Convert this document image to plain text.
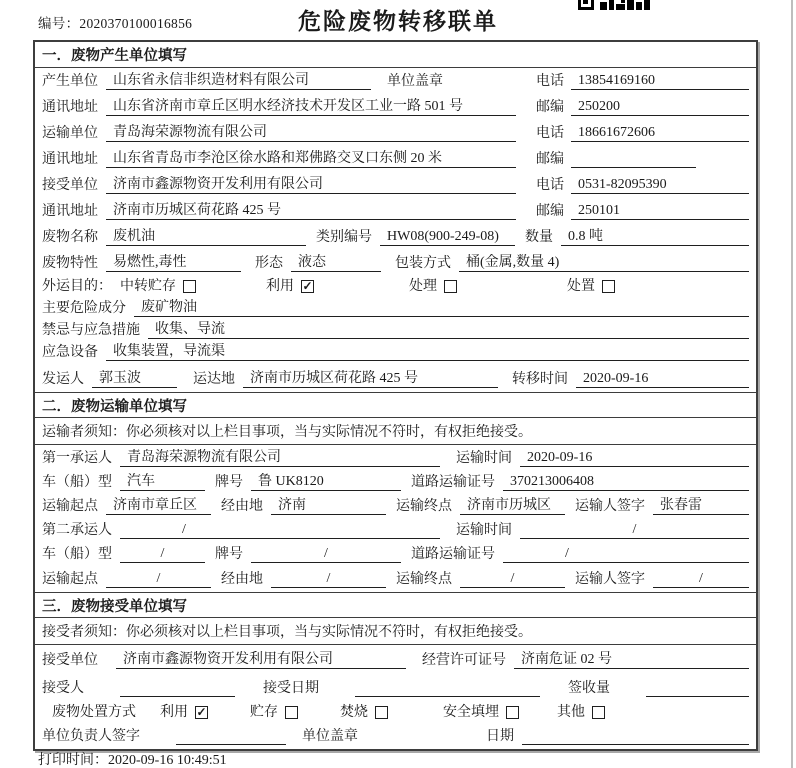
编号：2020370100016856	危险废物转移联单
一．废物产生单位填写
产生单位	山东省永信非织造材料有限公司	单位盖章	电话	13854169160
通讯地址	山东省济南市章丘区明水经济技术开发区工业一路 501 号	邮编	250200
运输单位	青岛海荣源物流有限公司	电话	18661672606
通讯地址	山东省青岛市李沧区徐水路和郑佛路交叉口东侧 20 米	邮编
接受单位	济南市鑫源物资开发利用有限公司	电话	0531-82095390
通讯地址	济南市历城区荷花路 425 号	邮编	250101
废物名称	废机油	类别编号	HW08(900-249-08)	数量	0.8 吨
废物特性	易燃性,毒性	形态	液态	包装方式	桶(金属,数量 4)
外运目的： 中转贮存	利用 ✓	处理	处置
主要危险成分	废矿物油
禁忌与应急措施	收集、导流
应急设备	收集装置，导流渠
发运人	郭玉波	运达地	济南市历城区荷花路 425 号	转移时间	2020-09-16
二．废物运输单位填写
运输者须知：你必须核对以上栏目事项，当与实际情况不符时，有权拒绝接受。
第一承运人	青岛海荣源物流有限公司	运输时间	2020-09-16
车（船）型	汽车	牌号	鲁 UK8120	道路运输证号	370213006408
运输起点	济南市章丘区	经由地	济南	运输终点	济南市历城区	运输人签字	张春雷
第二承运人	/	运输时间	/
车（船）型	/	牌号	/	道路运输证号	/
运输起点	/	经由地	/	运输终点	/	运输人签字	/
三．废物接受单位填写
接受者须知：你必须核对以上栏目事项，当与实际情况不符时，有权拒绝接受。
接受单位	济南市鑫源物资开发利用有限公司	经营许可证号	济南危证 02 号
接受人	接受日期	签收量
废物处置方式 利用 ✓	贮存	焚烧	安全填埋	其他
单位负责人签字	单位盖章	日期
打印时间：2020-09-16 10:49:51
